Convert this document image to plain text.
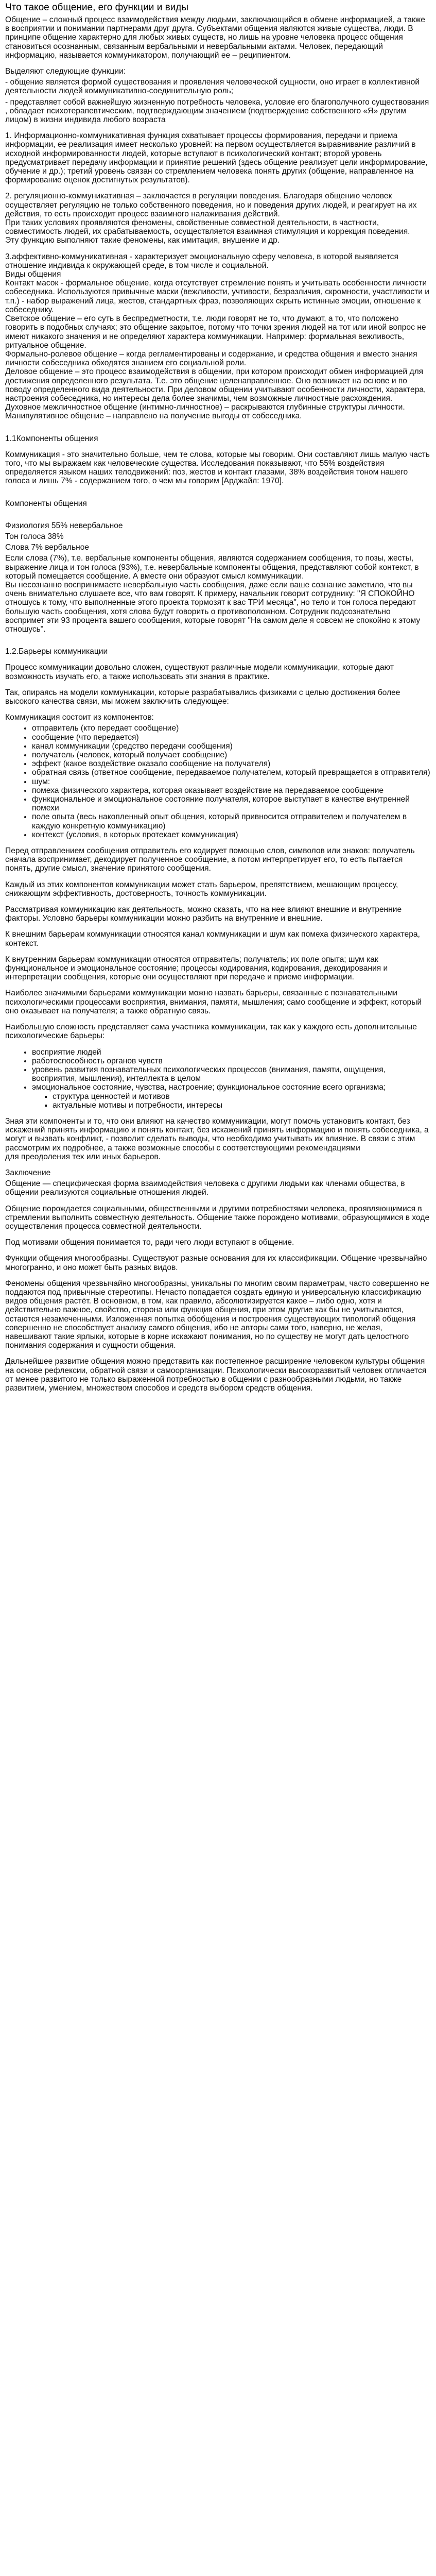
Что такое общение, его функции и виды

Общение – сложный процесс взаимодействия между людьми, заключающийся в обмене информацией, а также в восприятии и понимании партнерами друг друга. Субъектами общения являются живые существа, люди. В принципе общение характерно для любых живых существ, но лишь на уровне человека процесс общения становиться осознанным, связанным вербальными и невербальными актами. Человек, передающий информацию, называется коммуникатором, получающий ее – реципиентом.

Выделяют следующие функции:

- общение является формой существования и проявления человеческой сущности, оно играет в коллективной деятельности людей коммуникативно-соединительную роль;

- представляет собой важнейшую жизненную потребность человека, условие его благополучного существования , обладает психотерапевтическим, подтверждающим значением (подтверждение собственного «Я» другим лицом) в жизни индивида любого возраста

1. Информационно-коммуникативная функция охватывает процессы формирования, передачи и приема информации, ее реализация имеет несколько уровней: на первом осуществляется выравнивание различий в исходной информированности людей, которые вступают в психологический контакт; второй уровень предусматривает передачу информации и принятие решений (здесь общение реализует цели информирование, обучение и др.); третий уровень связан со стремлением человека понять других (общение, направленное на формирование оценок достигнутых результатов).

2. регуляционно-коммуникативная – заключается в регуляции поведения. Благодаря общению человек осуществляет регуляцию не только собственного поведения, но и поведения других людей, и реагирует на их действия, то есть происходит процесс взаимного налаживания действий.
При таких условиях проявляются феномены, свойственные совместной деятельности, в частности, совместимость людей, их срабатываемость, осуществляется взаимная стимуляция и коррекция поведения.
Эту функцию выполняют такие феномены, как имитация, внушение и др.

3.аффективно-коммуникативная - характеризует эмоциональную сферу человека, в которой выявляется отношение индивида к окружающей среде, в том числе и социальной.
Виды общения
Контакт масок - формальное общение, когда отсутствует стремление понять и учитывать особенности личности собеседника. Используются привычные маски (вежливости, учтивости, безразличия, скромности, участливости и т.п.) - набор выражений лица, жестов, стандартных фраз, позволяющих скрыть истинные эмоции, отношение к собеседнику.
Светское общение – его суть в беспредметности, т.е. люди говорят не то, что думают, а то, что положено говорить в подобных случаях; это общение закрытое, потому что точки зрения людей на тот или иной вопрос не имеют никакого значения и не определяют характера коммуникации. Например: формальная вежливость, ритуальное общение.
Формально-ролевое общение – когда регламентированы и содержание, и средства общения и вместо знания личности собеседника обходятся знанием его социальной роли.
Деловое общение – это процесс взаимодействия в общении, при котором происходит обмен информацией для достижения определенного результата. Т.е. это общение целенаправленное. Оно возникает на основе и по поводу определенного вида деятельности. При деловом общении учитывают особенности личности, характера, настроения собеседника, но интересы дела более значимы, чем возможные личностные расхождения.
Духовное межличностное общение (интимно-личностное) – раскрываются глубинные структуры личности.
Манипулятивное общение – направлено на получение выгоды от собеседника.

1.1Компоненты общения

Коммуникация - это значительно больше, чем те слова, которые мы говорим. Они составляют лишь малую часть того, что мы выражаем как человеческие существа. Исследования показывают, что 55% воздействия определяется языком наших телодвижений: поз, жестов и контакт глазами, 38% воздействия тоном нашего голоса и лишь 7% - содержанием того, о чем мы говорим [Арджайл: 1970].

Компоненты общения

Физиология 55% невербальное

Тон голоса 38%

Слова 7% вербальное

Если слова (7%), т.е. вербальные компоненты общения, являются содержанием сообщения, то позы, жесты, выражение лица и тон голоса (93%), т.е. невербальные компоненты общения, представляют собой контекст, в который помещается сообщение. А вместе они образуют смысл коммуникации.
Вы несознанно воспринимаете невербальную часть сообщения, даже если ваше сознание заметило, что вы очень внимательно слушаете все, что вам говорят. К примеру, начальник говорит сотруднику: "Я СПОКОЙНО отношусь к тому, что выполненные этого проекта тормозят к вас ТРИ месяца", но тело и тон голоса передают большую часть сообщения, хотя слова будут говорить о противоположном. Сотрудник подсознательно воспримет эти 93 процента вашего сообщения, которые говорят "На самом деле я совсем не спокойно к этому отношусь".

1.2.Барьеры коммуникации

Процесс коммуникации довольно сложен, существуют различные модели коммуникации, которые дают возможность изучать его, а также использовать эти знания в практике.

Так, опираясь на модели коммуникации, которые разрабатывались физиками с целью достижения более высокого качества связи, мы можем заключить следующее:

Коммуникация состоит из компонентов:

• отправитель (кто передает сообщение)
• сообщение (что передается)
• канал коммуникации (средство передачи сообщения)
• получатель (человек, который получает сообщение)
• эффект (какое воздействие оказало сообщение на получателя)
• обратная связь (ответное сообщение, передаваемое получателем, который превращается в отправителя)
• шум:
• помеха физического характера, которая оказывает воздействие на передаваемое сообщение
• функциональное и эмоциональное состояние получателя, которое выступает в качестве внутренней помехи
• поле опыта (весь накопленный опыт общения, который привносится отправителем и получателем в каждую конкретную коммуникацию)
• контекст (условия, в которых протекает коммуникация)

Перед отправлением сообщения отправитель его кодирует помощью слов, символов или знаков: получатель сначала воспринимает, декодирует полученное сообщение, а потом интерпретирует его, то есть пытается понять, другие смысл, значение принятого сообщения.

Каждый из этих компонентов коммуникации может стать барьером, препятствием, мешающим процессу, снижающим эффективность, достоверность, точность коммуникации.

Рассматривая коммуникацию как деятельность, можно сказать, что на нее влияют внешние и внутренние факторы. Условно барьеры коммуникации можно разбить на внутренние и внешние.

К внешним барьерам коммуникации относятся канал коммуникации и шум как помеха физического характера, контекст.

К внутренним барьерам коммуникации относятся отправитель; получатель; их поле опыта; шум как функциональное и эмоциональное состояние; процессы кодирования, кодирования, декодирования и интерпретации сообщения, которые они осуществляют при передаче и приеме информации.

Наиболее значимыми барьерами коммуникации можно назвать барьеры, связанные с познавательными психологическими процессами восприятия, внимания, памяти, мышления; само сообщение и эффект, который оно оказывает на получателя; а также обратную связь.

Наибольшую сложность представляет сама участника коммуникации, так как у каждого есть дополнительные психологические барьеры:

• восприятие людей
• работоспособность органов чувств
• уровень развития познавательных психологических процессов (внимания, памяти, ощущения, восприятия, мышления), интеллекта в целом
• эмоциональное состояние, чувства, настроение; функциональное состояние всего организма;
▪ структура ценностей и мотивов
▪ актуальные мотивы и потребности, интересы

Зная эти компоненты и то, что они влияют на качество коммуникации, могут помочь установить контакт, без искажений принять информацию и понять контакт, без искажений принять информацию и понять собеседника, а могут и вызвать конфликт, - позволит сделать выводы, что необходимо учитывать их влияние. В связи с этим рассмотрим их подробнее, а также возможные способы с соответствующими рекомендациями
для преодоления тех или иных барьеров.

Заключение

Общение — специфическая форма взаимодействия человека с другими людьми как членами общества, в общении реализуются социальные отношения людей.

Общение порождается социальными, общественными и другими потребностями человека, проявляющимися в стремлении выполнить совместную деятельность. Общение также порождено мотивами, образующимися в ходе осуществления процесса совместной деятельности.

Под мотивами общения понимается то, ради чего люди вступают в общение.

Функции общения многообразны. Существуют разные основания для их классификации. Общение чрезвычайно многогранно, и оно может быть разных видов.

Феномены общения чрезвычайно многообразны, уникальны по многим своим параметрам, часто совершенно не поддаются под привычные стереотипы. Нечасто попадается создать единую и универсальную классификацию видов общения растёт. В основном, в том, как правило, абсолютизируется какое – либо одно, хотя и действительно важное, свойство, сторона или функция общения, при этом другие как бы не учитываются, остаются незамеченными. Изложенная попытка обобщения и построения существующих типологий общения совершенно не способствует анализу самого общения, ибо не авторы сами того, наверно, не желая, навешивают такие ярлыки, которые в корне искажают понимания, но по существу не могут дать целостного понимания содержания и сущности общения.

Дальнейшее развитие общения можно представить как постепенное расширение человеком культуры общения на основе рефлексии, обратной связи и самоорганизации. Психологически высокоразвитый человек отличается от менее развитого не только выраженной потребностью в общении с разнообразными людьми, но также развитием, умением, множеством способов и средств выбором средств общения.
